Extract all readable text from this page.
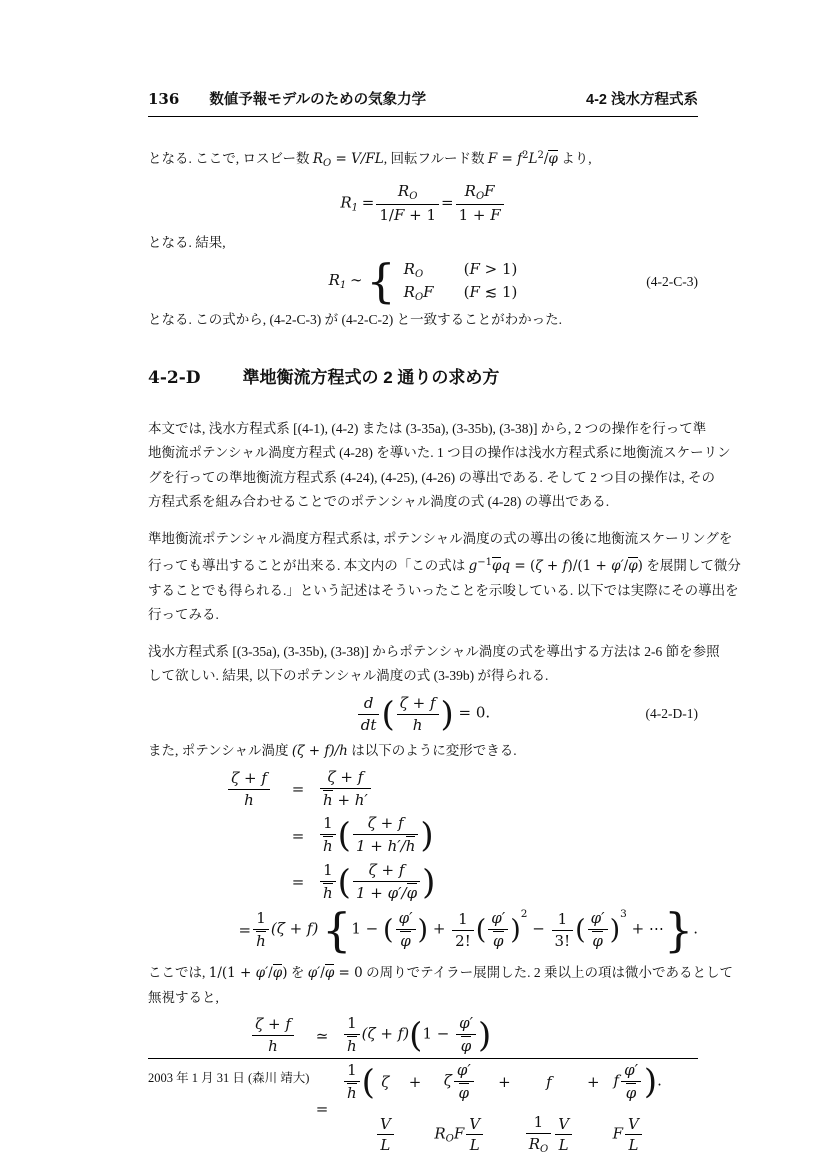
136 数値予報モデルのための気象力学	4-2 浅水方程式系
となる. ここで, ロスビー数 $R_O = V/FL$, 回転フルード数 $F = f^2L^2/\varphi$ より,
$R_1 = \frac{R_O}{1/F + 1} = \frac{R_OF}{1 + F}$
となる. 結果,
$R_1$ ∼ { $R_O$	(F > 1)
$R_OF$ (F ≲ 1)
(4-2-C-3)
となる. この式から, (4-2-C-3) が (4-2-C-2) と一致することがわかった.
4-2-D 準地衡流方程式の 2 通りの求め方
本文では, 浅水方程式系 [(4-1), (4-2) または (3-35a), (3-35b), (3-38)] から, 2 つの操作を行って準
地衡流ポテンシャル渦度方程式 (4-28) を導いた. 1 つ目の操作は浅水方程式系に地衡流スケーリン
グを行っての準地衡流方程式系 (4-24), (4-25), (4-26) の導出である. そして 2 つ目の操作は, その
方程式系を組み合わせることでのポテンシャル渦度の式 (4-28) の導出である.
準地衡流ポテンシャル渦度方程式系は, ポテンシャル渦度の式の導出の後に地衡流スケーリングを
行っても導出することが出来る. 本文内の「この式は $g^{-1}\varphi q = (\zeta + f)/(1 + \varphi'/\varphi)$ を展開して微分
することでも得られる.」という記述はそういったことを示唆している. 以下では実際にその導出を
行ってみる.
浅水方程式系 [(3-35a), (3-35b), (3-38)] からポテンシャル渦度の式を導出する方法は 2-6 節を参照
して欲しい. 結果, 以下のポテンシャル渦度の式 (3-39b) が得られる.
$\frac{d}{dt}$ ( $\frac{\zeta + f}{h}$ ) = 0.	(4-2-D-1)
また, ポテンシャル渦度 (ζ + f)/h は以下のように変形できる.
$\frac{\zeta + f}{h}$	=	$\frac{\zeta + f}{h + h'}$
=	$\frac{1}{h}$ ( $\frac{\zeta + f}{1 + h'/h}$ )
=	$\frac{1}{h}$ ( $\frac{\zeta + f}{1 + \varphi'/\varphi}$ )
= $\frac{1}{h} (\zeta + f) \{1$ − ( $\frac{\varphi'}{\varphi}$ ) + $\frac{1}{2!}$ ( $\frac{\varphi'}{\varphi} )^2 - \frac{1}{3!}$ ( $\frac{\varphi'}{\varphi} )^3$ + ⋯}.
ここでは, 1/(1 + φ′/φ) を φ′/φ = 0 の周りでテイラー展開した. 2 乗以上の項は微小であるとして
無視すると,
$\frac{\zeta + f}{h}$	≃	$\frac{1}{h} (\zeta + f)(1 - \frac{\varphi'}{\varphi}$ )
=
$\frac{1}{h}$ ( ζ	+	ζ $\frac{\varphi'}{\varphi}$	+	f	+ f $\frac{\varphi'}{\varphi}$ ).
$\frac{V}{L}$	$R_OF \frac{V}{L}$	$\frac{1}{R_O} \frac{V}{L}$	F $\frac{V}{L}$
2003 年 1 月 31 日 (森川 靖大)
